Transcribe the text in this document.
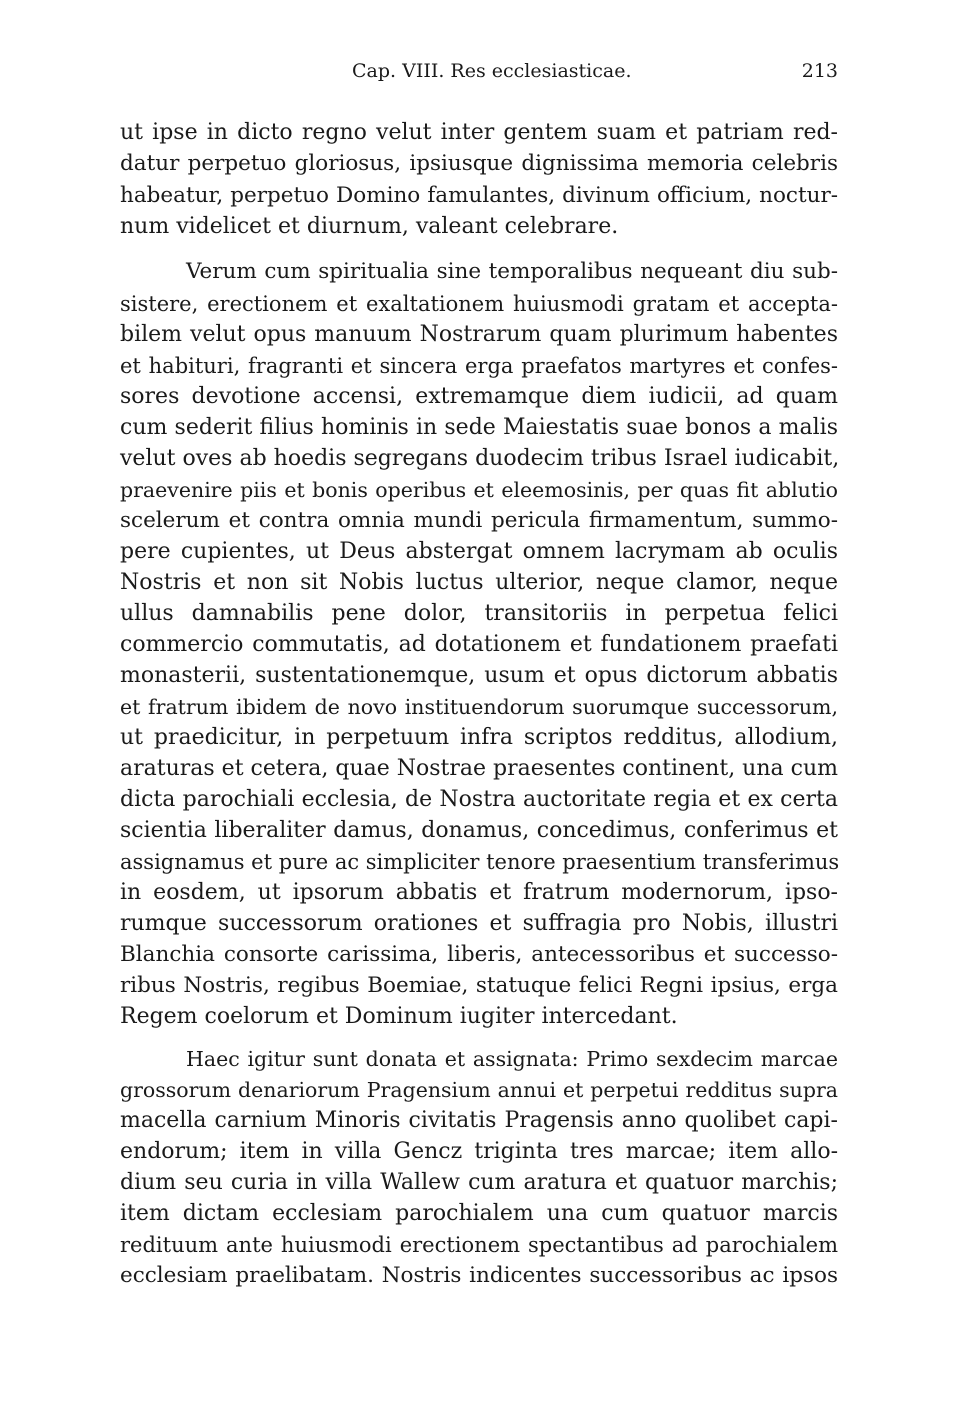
Cap. VIII. Res ecclesiasticae.	213
ut ipse in dicto regno velut inter gentem suam et patriam red-
datur perpetuo gloriosus, ipsiusque dignissima memoria celebris
habeatur, perpetuo Domino famulantes, divinum officium, noctur-
num videlicet et diurnum, valeant celebrare.
Verum cum spiritualia sine temporalibus nequeant diu sub-
sistere, erectionem et exaltationem huiusmodi gratam et accepta-
bilem velut opus manuum Nostrarum quam plurimum habentes
et habituri, fragranti et sincera erga praefatos martyres et confes-
sores devotione accensi, extremamque diem iudicii, ad quam
cum sederit filius hominis in sede Maiestatis suae bonos a malis
velut oves ab hoedis segregans duodecim tribus Israel iudicabit,
praevenire piis et bonis operibus et eleemosinis, per quas fit ablutio
scelerum et contra omnia mundi pericula firmamentum, summo-
pere cupientes, ut Deus abstergat omnem lacrymam ab oculis
Nostris et non sit Nobis luctus ulterior, neque clamor, neque
ullus damnabilis pene dolor, transitoriis in perpetua felici
commercio commutatis, ad dotationem et fundationem praefati
monasterii, sustentationemque, usum et opus dictorum abbatis
et fratrum ibidem de novo instituendorum suorumque successorum,
ut praedicitur, in perpetuum infra scriptos redditus, allodium,
araturas et cetera, quae Nostrae praesentes continent, una cum
dicta parochiali ecclesia, de Nostra auctoritate regia et ex certa
scientia liberaliter damus, donamus, concedimus, conferimus et
assignamus et pure ac simpliciter tenore praesentium transferimus
in eosdem, ut ipsorum abbatis et fratrum modernorum, ipso-
rumque successorum orationes et suffragia pro Nobis, illustri
Blanchia consorte carissima, liberis, antecessoribus et successo-
ribus Nostris, regibus Boemiae, statuque felici Regni ipsius, erga
Regem coelorum et Dominum iugiter intercedant.
Haec igitur sunt donata et assignata: Primo sexdecim marcae
grossorum denariorum Pragensium annui et perpetui redditus supra
macella carnium Minoris civitatis Pragensis anno quolibet capi-
endorum; item in villa Gencz triginta tres marcae; item allo-
dium seu curia in villa Wallew cum aratura et quatuor marchis;
item dictam ecclesiam parochialem una cum quatuor marcis
redituum ante huiusmodi erectionem spectantibus ad parochialem
ecclesiam praelibatam. Nostris indicentes successoribus ac ipsos
